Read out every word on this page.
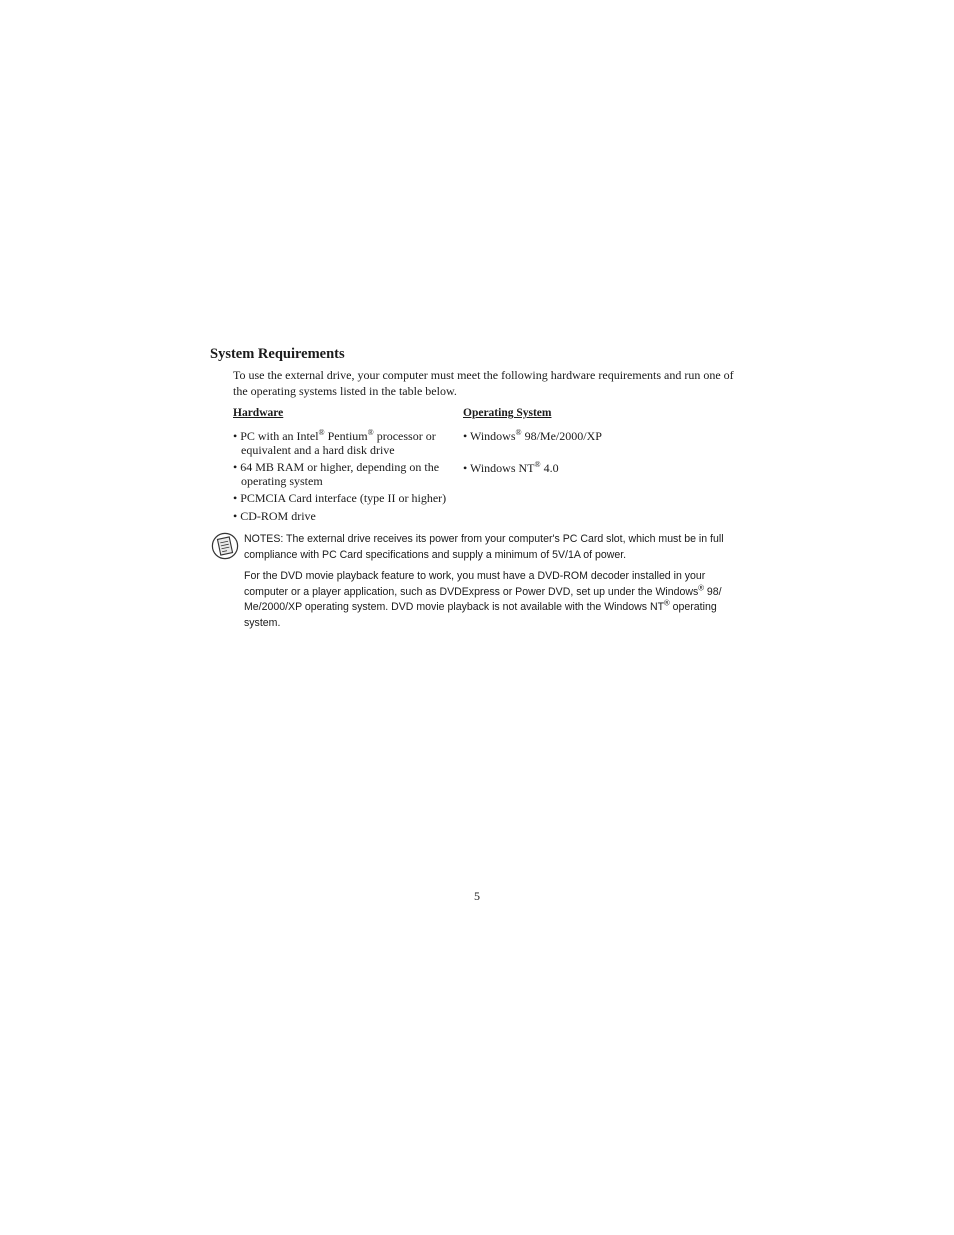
System Requirements

To use the external drive, your computer must meet the following hardware requirements and run one of the operating systems listed in the table below.

Hardware	Operating System
• PC with an Intel® Pentium® processor or equivalent and a hard disk drive
• 64 MB RAM or higher, depending on the operating system
• PCMCIA Card interface (type II or higher)
• CD-ROM drive
• Windows® 98/Me/2000/XP
• Windows NT® 4.0

NOTES: The external drive receives its power from your computer's PC Card slot, which must be in full compliance with PC Card specifications and supply a minimum of 5V/1A of power.

For the DVD movie playback feature to work, you must have a DVD-ROM decoder installed in your computer or a player application, such as DVDExpress or Power DVD, set up under the Windows® 98/ Me/2000/XP operating system. DVD movie playback is not available with the Windows NT® operating system.

5
